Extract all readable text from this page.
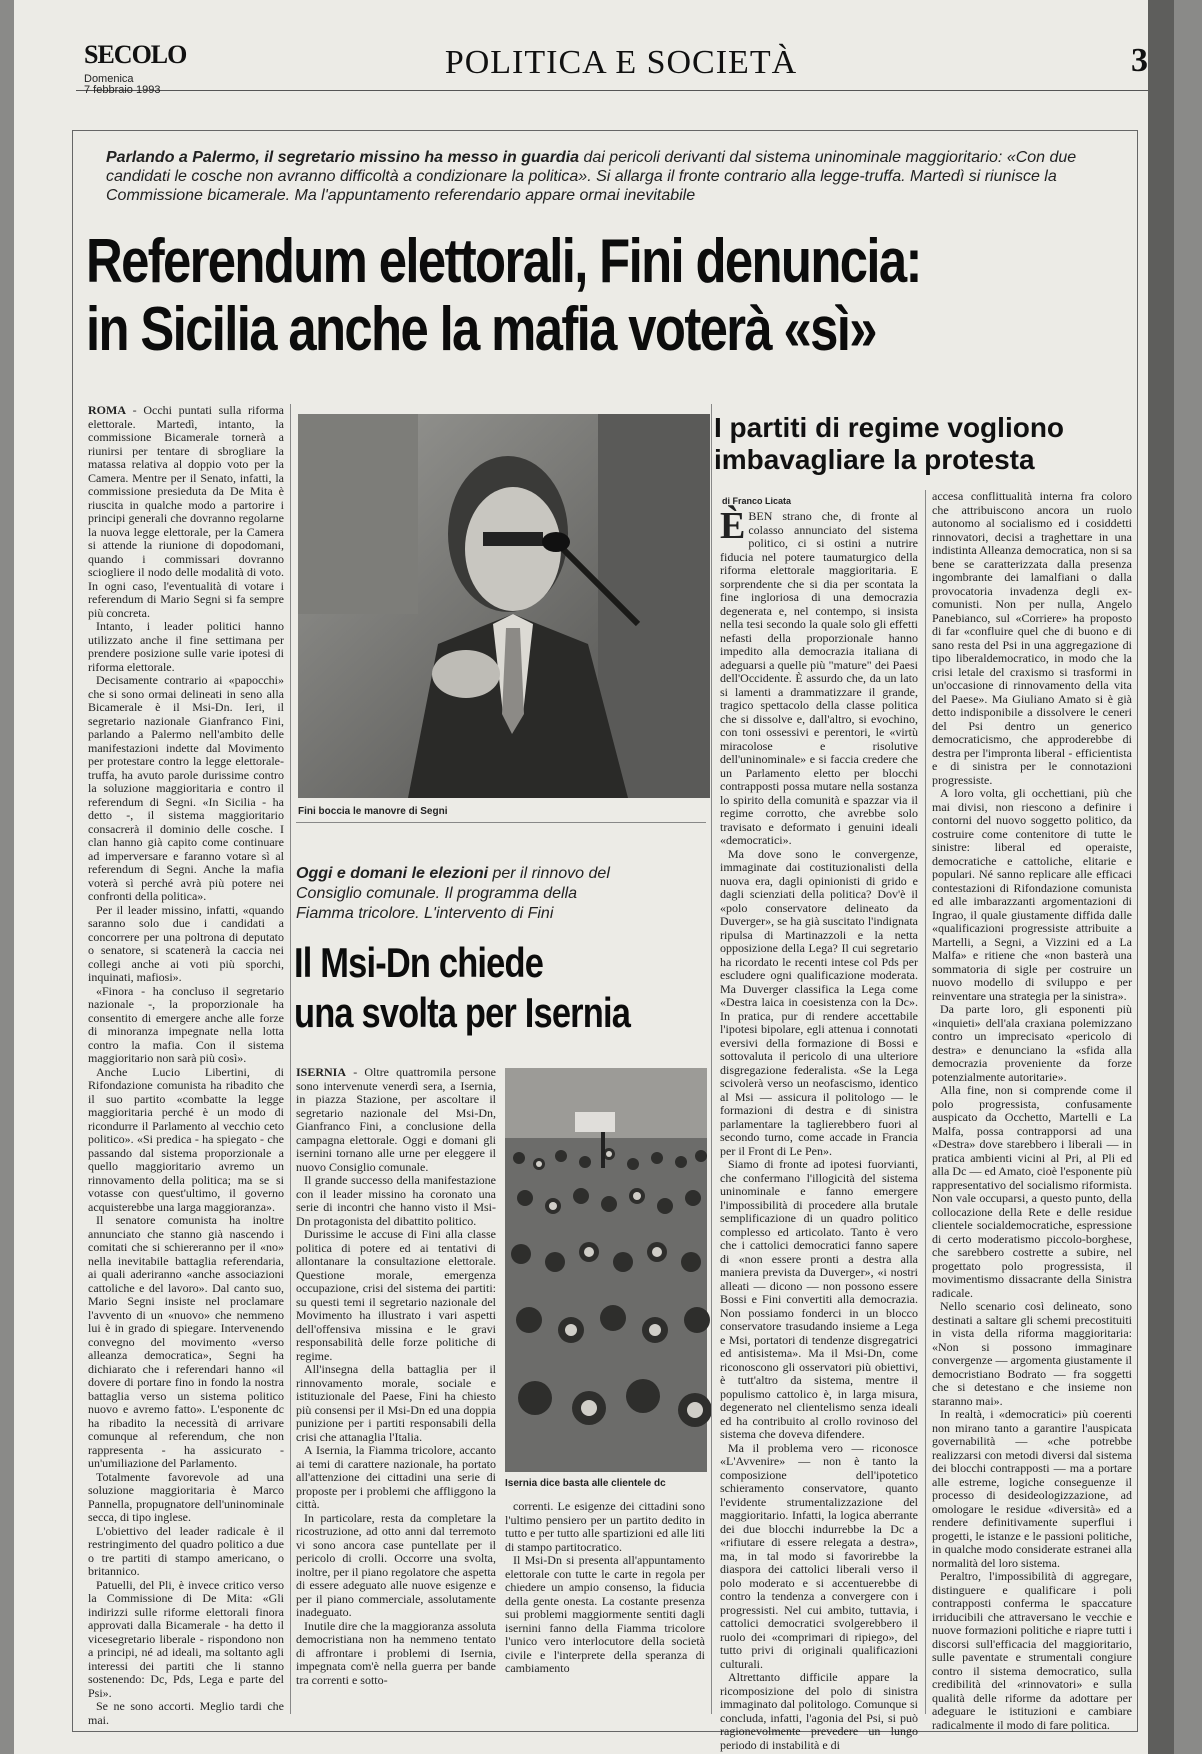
SECOLO
Domenica
7 febbraio 1993
POLITICA E SOCIETÀ	3
Parlando a Palermo, il segretario missino ha messo in guardia dai pericoli derivanti dal sistema uninominale maggioritario: «Con due candidati le cosche non avranno difficoltà a condizionare la politica». Si allarga il fronte contrario alla legge-truffa. Martedì si riunisce la Commissione bicamerale. Ma l'appuntamento referendario appare ormai inevitabile
Referendum elettorali, Fini denuncia:
in Sicilia anche la mafia voterà «sì»

ROMA - Occhi puntati sulla riforma elettorale. Martedì, intanto, la commissione Bicamerale tornerà a riunirsi per tentare di sbrogliare la matassa relativa al doppio voto per la Camera. Mentre per il Senato, infatti, la commissione presieduta da De Mita è riuscita in qualche modo a partorire i principi generali che dovranno regolarne la nuova legge elettorale, per la Camera si attende la riunione di dopodomani, quando i commissari dovranno sciogliere il nodo delle modalità di voto. In ogni caso, l'eventualità di votare i referendum di Mario Segni si fa sempre più concreta.

Intanto, i leader politici hanno utilizzato anche il fine settimana per prendere posizione sulle varie ipotesi di riforma elettorale.

Decisamente contrario ai «papocchi» che si sono ormai delineati in seno alla Bicamerale è il Msi-Dn. Ieri, il segretario nazionale Gianfranco Fini, parlando a Palermo nell'ambito delle manifestazioni indette dal Movimento per protestare contro la legge elettorale-truffa, ha avuto parole durissime contro la soluzione maggioritaria e contro il referendum di Segni. «In Sicilia - ha detto -, il sistema maggioritario consacrerà il dominio delle cosche. I clan hanno già capito come continuare ad imperversare e faranno votare sì al referendum di Segni. Anche la mafia voterà sì perché avrà più potere nei confronti della politica».

Per il leader missino, infatti, «quando saranno solo due i candidati a concorrere per una poltrona di deputato o senatore, si scatenerà la caccia nei collegi anche ai voti più sporchi, inquinati, mafiosi».

«Finora - ha concluso il segretario nazionale -, la proporzionale ha consentito di emergere anche alle forze di minoranza impegnate nella lotta contro la mafia. Con il sistema maggioritario non sarà più così».

Anche Lucio Libertini, di Rifondazione comunista ha ribadito che il suo partito «combatte la legge maggioritaria perché è un modo di ricondurre il Parlamento al vecchio ceto politico». «Si predica - ha spiegato - che passando dal sistema proporzionale a quello maggioritario avremo un rinnovamento della politica; ma se si votasse con quest'ultimo, il governo acquisterebbe una larga maggioranza».

Il senatore comunista ha inoltre annunciato che stanno già nascendo i comitati che si schiereranno per il «no» nella inevitabile battaglia referendaria, ai quali aderiranno «anche associazioni cattoliche e del lavoro». Dal canto suo, Mario Segni insiste nel proclamare l'avvento di un «nuovo» che nemmeno lui è in grado di spiegare. Intervenendo convegno del movimento «verso alleanza democratica», Segni ha dichiarato che i referendari hanno «il dovere di portare fino in fondo la nostra battaglia verso un sistema politico nuovo e avremo fatto». L'esponente dc ha ribadito la necessità di arrivare comunque al referendum, che non rappresenta - ha assicurato - un'umiliazione del Parlamento.

Totalmente favorevole ad una soluzione maggioritaria è Marco Pannella, propugnatore dell'uninominale secca, di tipo inglese.

L'obiettivo del leader radicale è il restringimento del quadro politico a due o tre partiti di stampo americano, o britannico.

Patuelli, del Pli, è invece critico verso la Commissione di De Mita: «Gli indirizzi sulle riforme elettorali finora approvati dalla Bicamerale - ha detto il vicesegretario liberale - rispondono non a principi, né ad ideali, ma soltanto agli interessi dei partiti che li stanno sostenendo: Dc, Pds, Lega e parte del Psi».

Se ne sono accorti. Meglio tardi che mai.

Fini boccia le manovre di Segni
Oggi e domani le elezioni per il rinnovo del Consiglio comunale. Il programma della Fiamma tricolore. L'intervento di Fini
Il Msi-Dn chiede
una svolta per Isernia

ISERNIA - Oltre quattromila persone sono intervenute venerdì sera, a Isernia, in piazza Stazione, per ascoltare il segretario nazionale del Msi-Dn, Gianfranco Fini, a conclusione della campagna elettorale. Oggi e domani gli isernini tornano alle urne per eleggere il nuovo Consiglio comunale.

Il grande successo della manifestazione con il leader missino ha coronato una serie di incontri che hanno visto il Msi-Dn protagonista del dibattito politico.

Durissime le accuse di Fini alla classe politica di potere ed ai tentativi di allontanare la consultazione elettorale. Questione morale, emergenza occupazione, crisi del sistema dei partiti: su questi temi il segretario nazionale del Movimento ha illustrato i vari aspetti dell'offensiva missina e le gravi responsabilità delle forze politiche di regime.

All'insegna della battaglia per il rinnovamento morale, sociale e istituzionale del Paese, Fini ha chiesto più consensi per il Msi-Dn ed una doppia punizione per i partiti responsabili della crisi che attanaglia l'Italia.

A Isernia, la Fiamma tricolore, accanto ai temi di carattere nazionale, ha portato all'attenzione dei cittadini una serie di proposte per i problemi che affliggono la città.

In particolare, resta da completare la ricostruzione, ad otto anni dal terremoto vi sono ancora case puntellate per il pericolo di crolli. Occorre una svolta, inoltre, per il piano regolatore che aspetta di essere adeguato alle nuove esigenze e per il piano commerciale, assolutamente inadeguato.

Inutile dire che la maggioranza assoluta democristiana non ha nemmeno tentato di affrontare i problemi di Isernia, impegnata com'è nella guerra per bande tra correnti e sotto-

Isernia dice basta alle clientele dc

correnti. Le esigenze dei cittadini sono l'ultimo pensiero per un partito dedito in tutto e per tutto alle spartizioni ed alle liti di stampo partitocratico.

Il Msi-Dn si presenta all'appuntamento elettorale con tutte le carte in regola per chiedere un ampio consenso, la fiducia della gente onesta. La costante presenza sui problemi maggiormente sentiti dagli isernini fanno della Fiamma tricolore l'unico vero interlocutore della società civile e l'interprete della speranza di cambiamento

I partiti di regime vogliono
imbavagliare la protesta
di Franco Licata

ÈBEN strano che, di fronte al colasso annunciato del sistema politico, ci si ostini a nutrire fiducia nel potere taumaturgico della riforma elettorale maggioritaria. E sorprendente che si dia per scontata la fine ingloriosa di una democrazia degenerata e, nel contempo, si insista nella tesi secondo la quale solo gli effetti nefasti della proporzionale hanno impedito alla democrazia italiana di adeguarsi a quelle più "mature" dei Paesi dell'Occidente. È assurdo che, da un lato si lamenti a drammatizzare il grande, tragico spettacolo della classe politica che si dissolve e, dall'altro, si evochino, con toni ossessivi e perentori, le «virtù miracolose e risolutive dell'uninominale» e si faccia credere che un Parlamento eletto per blocchi contrapposti possa mutare nella sostanza lo spirito della comunità e spazzar via il regime corrotto, che avrebbe solo travisato e deformato i genuini ideali «democratici».

Ma dove sono le convergenze, immaginate dai costituzionalisti della nuova era, dagli opinionisti di grido e dagli scienziati della politica? Dov'è il «polo conservatore delineato da Duverger», se ha già suscitato l'indignata ripulsa di Martinazzoli e la netta opposizione della Lega? Il cui segretario ha ricordato le recenti intese col Pds per escludere ogni qualificazione moderata. Ma Duverger classifica la Lega come «Destra laica in coesistenza con la Dc». In pratica, pur di rendere accettabile l'ipotesi bipolare, egli attenua i connotati eversivi della formazione di Bossi e sottovaluta il pericolo di una ulteriore disgregazione federalista. «Se la Lega scivolerà verso un neofascismo, identico al Msi — assicura il politologo — le formazioni di destra e di sinistra parlamentare la taglierebbero fuori al secondo turno, come accade in Francia per il Front di Le Pen».

Siamo di fronte ad ipotesi fuorvianti, che confermano l'illogicità del sistema uninominale e fanno emergere l'impossibilità di procedere alla brutale semplificazione di un quadro politico complesso ed articolato. Tanto è vero che i cattolici democratici fanno sapere di «non essere pronti a destra alla maniera prevista da Duverger», «i nostri alleati — dicono — non possono essere Bossi e Fini convertiti alla democrazia. Non possiamo fonderci in un blocco conservatore trasudando insieme a Lega e Msi, portatori di tendenze disgregatrici ed antisistema». Ma il Msi-Dn, come riconoscono gli osservatori più obiettivi, è tutt'altro da sistema, mentre il populismo cattolico è, in larga misura, degenerato nel clientelismo senza ideali ed ha contribuito al crollo rovinoso del sistema che doveva difendere.

Ma il problema vero — riconosce «L'Avvenire» — non è tanto la composizione dell'ipotetico schieramento conservatore, quanto l'evidente strumentalizzazione del maggioritario. Infatti, la logica aberrante dei due blocchi indurrebbe la Dc a «rifiutare di essere relegata a destra», ma, in tal modo si favorirebbe la diaspora dei cattolici liberali verso il polo moderato e si accentuerebbe di contro la tendenza a convergere con i progressisti. Nel cui ambito, tuttavia, i cattolici democratici svolgerebbero il ruolo dei «comprimari di ripiego», del tutto privi di originali qualificazioni culturali.

Altrettanto difficile appare la ricomposizione del polo di sinistra immaginato dal politologo. Comunque si concluda, infatti, l'agonia del Psi, si può ragionevolmente prevedere un lungo periodo di instabilità e di

accesa conflittualità interna fra coloro che attribuiscono ancora un ruolo autonomo al socialismo ed i cosiddetti rinnovatori, decisi a traghettare in una indistinta Alleanza democratica, non si sa bene se caratterizzata dalla presenza ingombrante dei lamalfiani o dalla provocatoria invadenza degli ex-comunisti. Non per nulla, Angelo Panebianco, sul «Corriere» ha proposto di far «confluire quel che di buono e di sano resta del Psi in una aggregazione di tipo liberaldemocratico, in modo che la crisi letale del craxismo si trasformi in un'occasione di rinnovamento della vita del Paese». Ma Giuliano Amato si è già detto indisponibile a dissolvere le ceneri del Psi dentro un generico democraticismo, che approderebbe di destra per l'impronta liberal - efficientista e di sinistra per le connotazioni progressiste.

A loro volta, gli occhettiani, più che mai divisi, non riescono a definire i contorni del nuovo soggetto politico, da costruire come contenitore di tutte le sinistre: liberal ed operaiste, democratiche e cattoliche, elitarie e populari. Né sanno replicare alle efficaci contestazioni di Rifondazione comunista ed alle imbarazzanti argomentazioni di Ingrao, il quale giustamente diffida dalle «qualificazioni progressiste attribuite a Martelli, a Segni, a Vizzini ed a La Malfa» e ritiene che «non basterà una sommatoria di sigle per costruire un nuovo modello di sviluppo e per reinventare una strategia per la sinistra».

Da parte loro, gli esponenti più «inquieti» dell'ala craxiana polemizzano contro un imprecisato «pericolo di destra» e denunciano la «sfida alla democrazia proveniente da forze potenzialmente autoritarie».

Alla fine, non si comprende come il polo progressista, confusamente auspicato da Occhetto, Martelli e La Malfa, possa contrapporsi ad una «Destra» dove starebbero i liberali — in pratica ambienti vicini al Pri, al Pli ed alla Dc — ed Amato, cioè l'esponente più rappresentativo del socialismo riformista. Non vale occuparsi, a questo punto, della collocazione della Rete e delle residue clientele socialdemocratiche, espressione di certo moderatismo piccolo-borghese, che sarebbero costrette a subire, nel progettato polo progressista, il movimentismo dissacrante della Sinistra radicale.

Nello scenario così delineato, sono destinati a saltare gli schemi precostituiti in vista della riforma maggioritaria: «Non si possono immaginare convergenze — argomenta giustamente il democristiano Bodrato — fra soggetti che si detestano e che insieme non staranno mai».

In realtà, i «democratici» più coerenti non mirano tanto a garantire l'auspicata governabilità — «che potrebbe realizzarsi con metodi diversi dal sistema dei blocchi contrapposti — ma a portare alle estreme, logiche conseguenze il processo di desideologizzazione, ad omologare le residue «diversità» ed a rendere definitivamente superflui i progetti, le istanze e le passioni politiche, in qualche modo considerate estranei alla normalità del loro sistema.

Peraltro, l'impossibilità di aggregare, distinguere e qualificare i poli contrapposti conferma le spaccature irriducibili che attraversano le vecchie e nuove formazioni politiche e riapre tutti i discorsi sull'efficacia del maggioritario, sulle paventate e strumentali congiure contro il sistema democratico, sulla credibilità del «rinnovatori» e sulla qualità delle riforme da adottare per adeguare le istituzioni e cambiare radicalmente il modo di fare politica.
